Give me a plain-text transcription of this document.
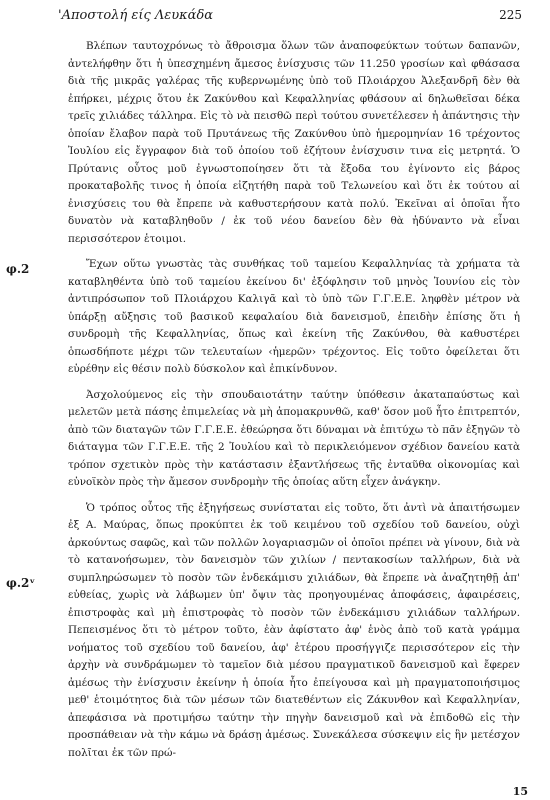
'Αποστολή είς Λευκάδα	225
φ.2
φ.2ᵛ

Βλέπων ταυτοχρόνως τὸ ἄθροισμα ὅλων τῶν ἀναποφεύκτων τούτων δαπανῶν, ἀντελήφθην ὅτι ἡ ὑπεσχημένη ἄμεσος ἐνίσχυσις τῶν 11.250 γροσίων καὶ φθάσασα διὰ τῆς μικρᾶς γαλέρας τῆς κυβερνωμένης ὑπὸ τοῦ Πλοιάρχου Ἀλεξανδρῆ δὲν θὰ ἐπήρκει, μέχρις ὅτου ἐκ Ζακύνθου καὶ Κεφαλληνίας φθάσουν αἱ δηλωθεῖσαι δέκα τρεῖς χιλιάδες τάλληρα. Εἰς τὸ νὰ πεισθῶ περὶ τούτου συνετέλεσεν ἡ ἀπάντησις τὴν ὁποίαν ἔλαβον παρὰ τοῦ Πρυτάνεως τῆς Ζακύνθου ὑπὸ ἡμερομηνίαν 16 τρέχοντος Ἰουλίου εἰς ἔγγραφον διὰ τοῦ ὁποίου τοῦ ἐζήτουν ἐνίσχυσιν τινα εἰς μετρητά. Ὁ Πρύτανις οὗτος μοῦ ἐγνωστοποίησεν ὅτι τὰ ἔξοδα του ἐγίνοντο εἰς βάρος προκαταβολῆς τινος ἡ ὁποία εἰζητήθη παρὰ τοῦ Τελωνείου καὶ ὅτι ἐκ τούτου αἱ ἐνισχύσεις του θὰ ἔπρεπε νὰ καθυστερήσουν κατὰ πολύ. Ἐκεῖναι αἱ ὁποῖαι ἦτο δυνατὸν νὰ καταβληθοῦν / ἐκ τοῦ νέου δανείου δὲν θὰ ἠδύναντο νὰ εἶναι περισσότερον ἑτοιμοι.

Ἔχων οὕτω γνωστὰς τὰς συνθήκας τοῦ ταμείου Κεφαλληνίας τὰ χρήματα τὰ καταβληθέντα ὑπὸ τοῦ ταμείου ἐκείνου δι' ἐξόφλησιν τοῦ μηνὸς Ἰουνίου εἰς τὸν ἀντιπρόσωπον τοῦ Πλοιάρχου Καλιγᾶ καὶ τὸ ὑπὸ τῶν Γ.Γ.Ε.Ε. ληφθὲν μέτρον νὰ ὑπάρξῃ αὔξησις τοῦ βασικοῦ κεφαλαίου διὰ δανεισμοῦ, ἐπειδὴν ἐπίσης ὅτι ἡ συνδρομὴ τῆς Κεφαλληνίας, ὅπως καὶ ἐκείνη τῆς Ζακύνθου, θὰ καθυστέρει ὁπωσδήποτε μέχρι τῶν τελευταίων ‹ἡμερῶν› τρέχοντος. Εἰς τοῦτο ὀφείλεται ὅτι εὑρέθην εἰς θέσιν πολὺ δύσκολον καὶ ἐπικίνδυνον.

Ἀσχολούμενος εἰς τὴν σπουδαιοτάτην ταύτην ὑπόθεσιν ἀκαταπαύστως καὶ μελετῶν μετὰ πάσης ἐπιμελείας νὰ μὴ ἀπομακρυνθῶ, καθ' ὅσον μοῦ ἦτο ἐπιτρεπτόν, ἀπὸ τῶν διαταγῶν τῶν Γ.Γ.Ε.Ε. ἐθεώρησα ὅτι δύναμαι νὰ ἐπιτύχω τὸ πᾶν ἐξηγῶν τὸ διάταγμα τῶν Γ.Γ.Ε.Ε. τῆς 2 Ἰουλίου καὶ τὸ περικλειόμενον σχέδιον δανείου κατὰ τρόπον σχετικὸν πρὸς τὴν κατάστασιν ἐξαντλήσεως τῆς ἐνταῦθα οἰκονομίας καὶ εὐνοϊκὸν πρὸς τὴν ἄμεσον συνδρομὴν τῆς ὁποίας αὕτη εἶχεν ἀνάγκην.

Ὁ τρόπος οὗτος τῆς ἐξηγήσεως συνίσταται εἰς τοῦτο, ὅτι ἀντὶ νὰ ἀπαιτήσωμεν ἐξ Α. Μαύρας, ὅπως προκύπτει ἐκ τοῦ κειμένου τοῦ σχεδίου τοῦ δανείου, οὐχὶ ἀρκούντως σαφῶς, καὶ τῶν πολλῶν λογαριασμῶν οἱ ὁποῖοι πρέπει νὰ γίνουν, διὰ νὰ τὸ κατανοήσωμεν, τὸν δανεισμὸν τῶν χιλίων / πεντακοσίων ταλλήρων, διὰ νὰ συμπληρώσωμεν τὸ ποσὸν τῶν ἐνδεκάμισυ χιλιάδων, θὰ ἔπρεπε νὰ ἀναζητηθῇ ἀπ' εὐθείας, χωρὶς νὰ λάβωμεν ὑπ' ὄψιν τὰς προηγουμένας ἀποφάσεις, ἀφαιρέσεις, ἐπιστροφὰς καὶ μὴ ἐπιστροφὰς τὸ ποσὸν τῶν ἐνδεκάμισυ χιλιάδων ταλλήρων. Πεπεισμένος ὅτι τὸ μέτρον τοῦτο, ἐὰν ἀφίστατο ἀφ' ἑνὸς ἀπὸ τοῦ κατὰ γράμμα νοήματος τοῦ σχεδίου τοῦ δανείου, ἀφ' ἑτέρου προσήγγιζε περισσότερον εἰς τὴν ἀρχὴν νὰ συνδράμωμεν τὸ ταμεῖον διὰ μέσου πραγματικοῦ δανεισμοῦ καὶ ἔφερεν ἀμέσως τὴν ἐνίσχυσιν ἐκείνην ἡ ὁποία ἦτο ἐπείγουσα καὶ μὴ πραγματοποιήσιμος μεθ' ἑτοιμότητος διὰ τῶν μέσων τῶν διατεθέντων εἰς Ζάκυνθον καὶ Κεφαλληνίαν, ἀπεφάσισα νὰ προτιμήσω ταύτην τὴν πηγὴν δανεισμοῦ καὶ νὰ ἐπιδοθῶ εἰς τὴν προσπάθειαν νὰ τὴν κάμω νὰ δράσῃ ἀμέσως. Συνεκάλεσα σύσκεψιν εἰς ἣν μετέσχον πολῖται ἐκ τῶν πρώ-

15
